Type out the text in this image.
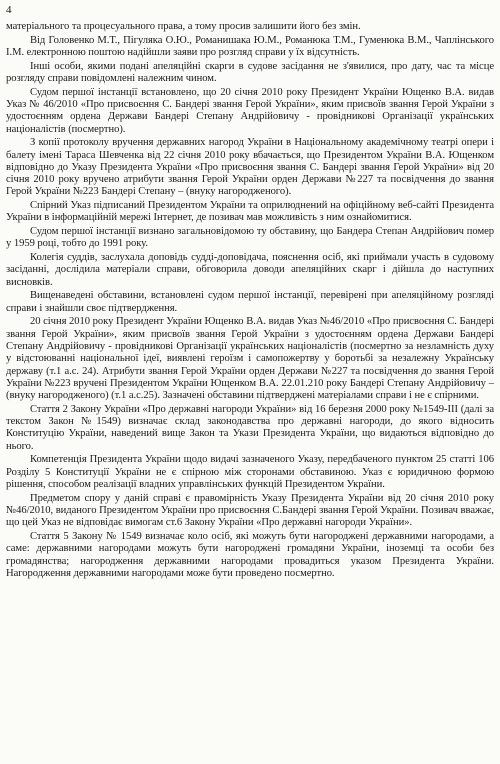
4

матеріального та процесуального права, а тому просив залишити його без змін.

Від Головенко М.Т., Пігуляка О.Ю., Романишака Ю.М., Романюка Т.М., Гуменюка В.М., Чаплінського І.М. електронною поштою надійшли заяви про розгляд справи у їх відсутність.

Інші особи, якими подані апеляційні скарги в судове засідання не з'явилися, про дату, час та місце розгляду справи повідомлені належним чином.

Судом першої інстанції встановлено, що 20 січня 2010 року Президент України Ющенко В.А. видав Указ № 46/2010 «Про присвоєння С. Бандері звання Герой України», яким присвоїв звання Герой України з удостоєнням ордена Держави Бандері Степану Андрійовичу - провідникові Організації українських націоналістів (посмертно).

З копії протоколу вручення державних нагород України в Національному академічному театрі опери і балету імені Тараса Шевченка від 22 січня 2010 року вбачається, що Президентом України В.А. Ющенком відповідно до Указу Президента України «Про присвоєння звання С. Бандері звання Герой України» від 20 січня 2010 року вручено атрибути звання Герой України орден Держави №227 та посвідчення до звання Герой України №223 Бандері Степану – (внуку нагородженого).

Спірний Указ підписаний Президентом України та оприлюднений на офіційному веб-сайті Президента України в інформаційній мережі Інтернет, де позивач мав можливість з ним ознайомитися.

Судом першої інстанції визнано загальновідомою ту обставину, що Бандера Степан Андрійович помер у 1959 році, тобто до 1991 року.

Колегія суддів, заслухала доповідь судді-доповідача, пояснення осіб, які приймали участь в судовому засіданні, дослідила матеріали справи, обговорила доводи апеляційних скарг і дійшла до наступних висновків.

Вищенаведені обставини, встановлені судом першої інстанції, перевірені при апеляційному розгляді справи і знайшли своє підтвердження.

20 січня 2010 року Президент України Ющенко В.А. видав Указ №46/2010 «Про присвоєння С. Бандері звання Герой України», яким присвоїв звання Герой України з удостоєнням ордена Держави Бандері Степану Андрійовичу - провідникові Організації українських націоналістів (посмертно за незламність духу у відстоюванні національної ідеї, виявлені героїзм і самопожертву у боротьбі за незалежну Українську державу (т.1 а.с. 24). Атрибути звання Герой України орден Держави №227 та посвідчення до звання Герой України №223 вручені Президентом України Ющенком В.А. 22.01.210 року Бандері Степану Андрійовичу – (внуку нагородженого) (т.1 а.с.25). Зазначені обставини підтверджені матеріалами справи і не є спірними.

Стаття 2 Закону України «Про державні нагороди України» від 16 березня 2000 року №1549-III (далі за текстом Закон №1549) визначає склад законодавства про державні нагороди, до якого відносить Конституцію України, наведений вище Закон та Укази Президента України, що видаються відповідно до нього.

Компетенція Президента України щодо видачі зазначеного Указу, передбаченого пунктом 25 статті 106 Розділу 5 Конституції України не є спірною між сторонами обставиною. Указ є юридичною формою рішення, способом реалізації владних управлінських функцій Президентом України.

Предметом спору у даній справі є правомірність Указу Президента України від 20 січня 2010 року №46/2010, виданого Президентом України про присвоєння С.Бандері звання Герой України. Позивач вважає, що цей Указ не відповідає вимогам ст.6 Закону України «Про державні нагороди України».

Стаття 5 Закону № 1549 визначає коло осіб, які можуть бути нагороджені державними нагородами, а саме: державними нагородами можуть бути нагороджені громадяни України, іноземці та особи без громадянства; нагородження державними нагородами провадиться указом Президента України. Нагородження державними нагородами може бути проведено посмертно.
